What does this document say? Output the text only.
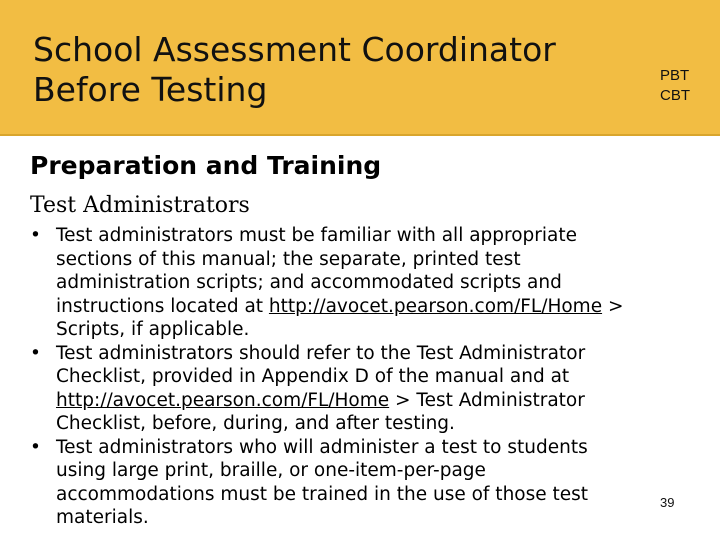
School Assessment Coordinator
Before Testing	PBT
CBT
Preparation and Training
Test Administrators
• Test administrators must be familiar with all appropriate
sections of this manual; the separate, printed test
administration scripts; and accommodated scripts and
instructions located at http://avocet.pearson.com/FL/Home >
Scripts, if applicable.
• Test administrators should refer to the Test Administrator
Checklist, provided in Appendix D of the manual and at
http://avocet.pearson.com/FL/Home > Test Administrator
Checklist, before, during, and after testing.
• Test administrators who will administer a test to students
using large print, braille, or one-item-per-page
accommodations must be trained in the use of those test
materials.
39
